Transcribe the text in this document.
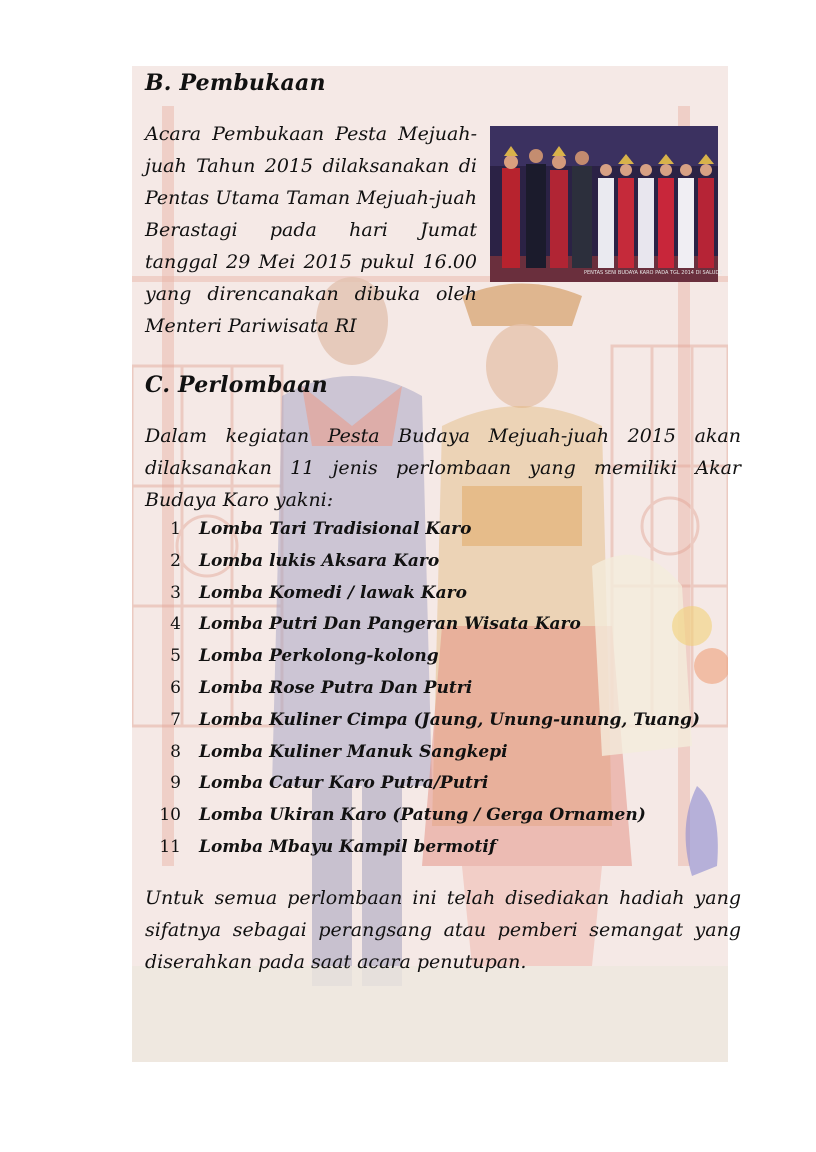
PENTAS SENI BUDAYA KARO PADA TGL 2014 DI SALUDE
B. Pembukaan
Acara Pembukaan Pesta Mejuah-juah Tahun 2015 dilaksanakan di Pentas Utama Taman Mejuah-juah Berastagi pada hari Jumat tanggal 29 Mei 2015 pukul 16.00 yang direncanakan dibuka oleh Menteri Pariwisata RI
C. Perlombaan
Dalam kegiatan Pesta Budaya Mejuah-juah 2015 akan dilaksanakan 11 jenis perlombaan yang memiliki Akar Budaya Karo yakni:
1	Lomba Tari Tradisional Karo
2	Lomba lukis Aksara Karo
3	Lomba Komedi / lawak Karo
4	Lomba Putri Dan Pangeran Wisata Karo
5	Lomba Perkolong-kolong
6	Lomba Rose Putra Dan Putri
7	Lomba Kuliner Cimpa (Jaung, Unung-unung, Tuang)
8	Lomba Kuliner Manuk Sangkepi
9	Lomba Catur Karo Putra/Putri
10	Lomba Ukiran Karo (Patung / Gerga Ornamen)
11	Lomba Mbayu Kampil bermotif
Untuk semua perlombaan ini telah disediakan hadiah yang sifatnya sebagai perangsang atau pemberi semangat yang diserahkan pada saat acara penutupan.
